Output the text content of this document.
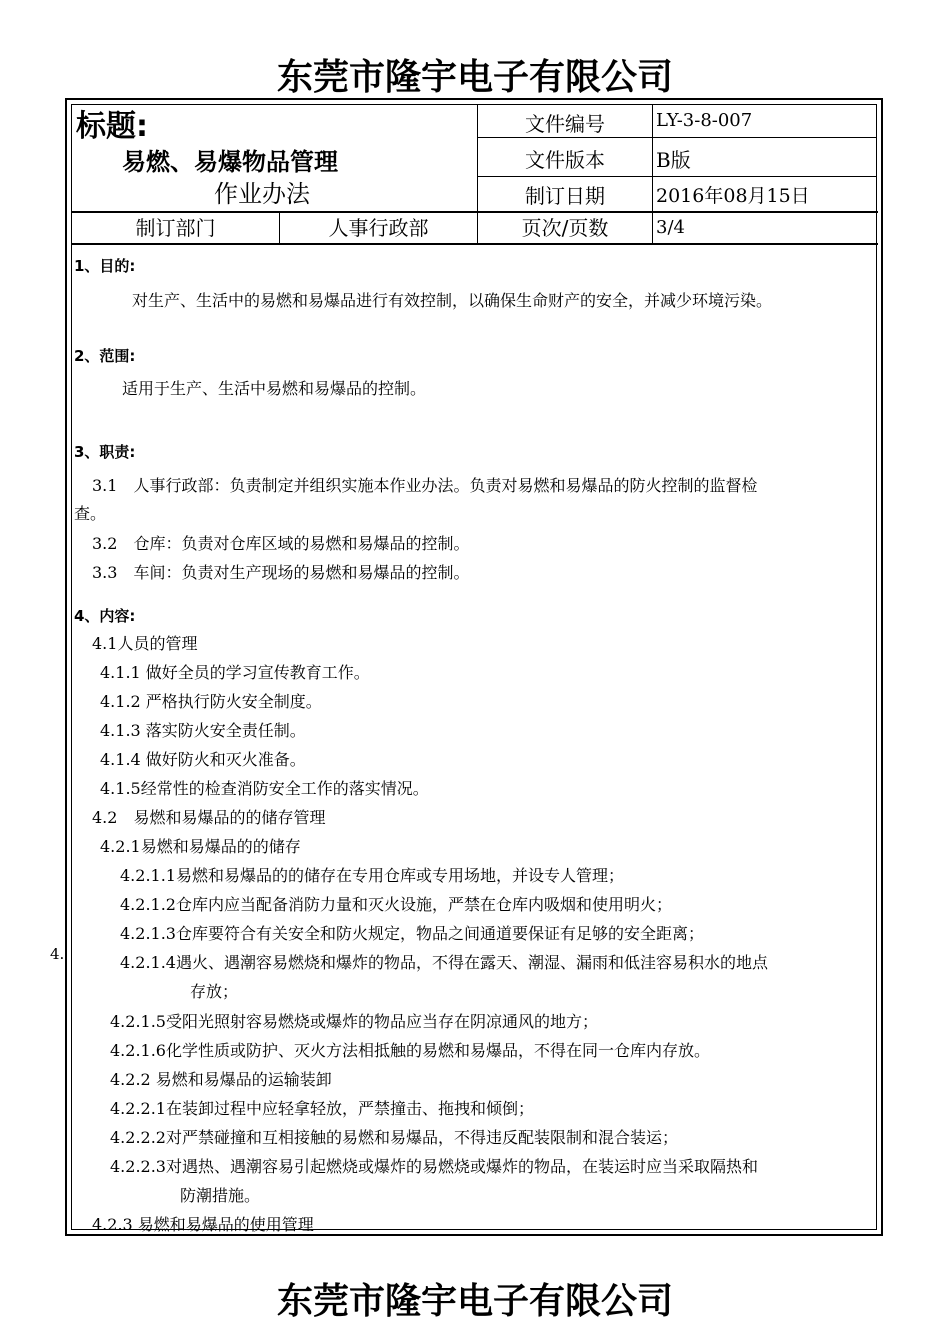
东莞市隆宇电子有限公司
标题:
易燃、易爆物品管理
作业办法
文件编号	LY-3-8-007
文件版本	B版
制订日期	2016年08月15日
制订部门	人事行政部	页次/页数	3/4
1、目的:
对生产、生活中的易燃和易爆品进行有效控制，以确保生命财产的安全，并减少环境污染。
2、范围:
适用于生产、生活中易燃和易爆品的控制。
3、职责:
3.1　人事行政部：负责制定并组织实施本作业办法。负责对易燃和易爆品的防火控制的监督检
查。
3.2　仓库：负责对仓库区域的易燃和易爆品的控制。
3.3　车间：负责对生产现场的易燃和易爆品的控制。
4、内容:
4.1人员的管理
4.1.1 做好全员的学习宣传教育工作。
4.1.2 严格执行防火安全制度。
4.1.3 落实防火安全责任制。
4.1.4 做好防火和灭火准备。
4.1.5经常性的检查消防安全工作的落实情况。
4.2　易燃和易爆品的的储存管理
4.2.1易燃和易爆品的的储存
4.2.1.1易燃和易爆品的的储存在专用仓库或专用场地，并设专人管理；
4.2.1.2仓库内应当配备消防力量和灭火设施，严禁在仓库内吸烟和使用明火；
4.2.1.3仓库要符合有关安全和防火规定，物品之间通道要保证有足够的安全距离；
4.2.1.4遇火、遇潮容易燃烧和爆炸的物品，不得在露天、潮湿、漏雨和低洼容易积水的地点
存放；
4.2.1.5受阳光照射容易燃烧或爆炸的物品应当存在阴凉通风的地方；
4.2.1.6化学性质或防护、灭火方法相抵触的易燃和易爆品，不得在同一仓库内存放。
4.2.2 易燃和易爆品的运输装卸
4.2.2.1在装卸过程中应轻拿轻放，严禁撞击、拖拽和倾倒；
4.2.2.2对严禁碰撞和互相接触的易燃和易爆品，不得违反配装限制和混合装运；
4.2.2.3对遇热、遇潮容易引起燃烧或爆炸的易燃烧或爆炸的物品，在装运时应当采取隔热和
防潮措施。
4.2.3 易燃和易爆品的使用管理
4.
东莞市隆宇电子有限公司
